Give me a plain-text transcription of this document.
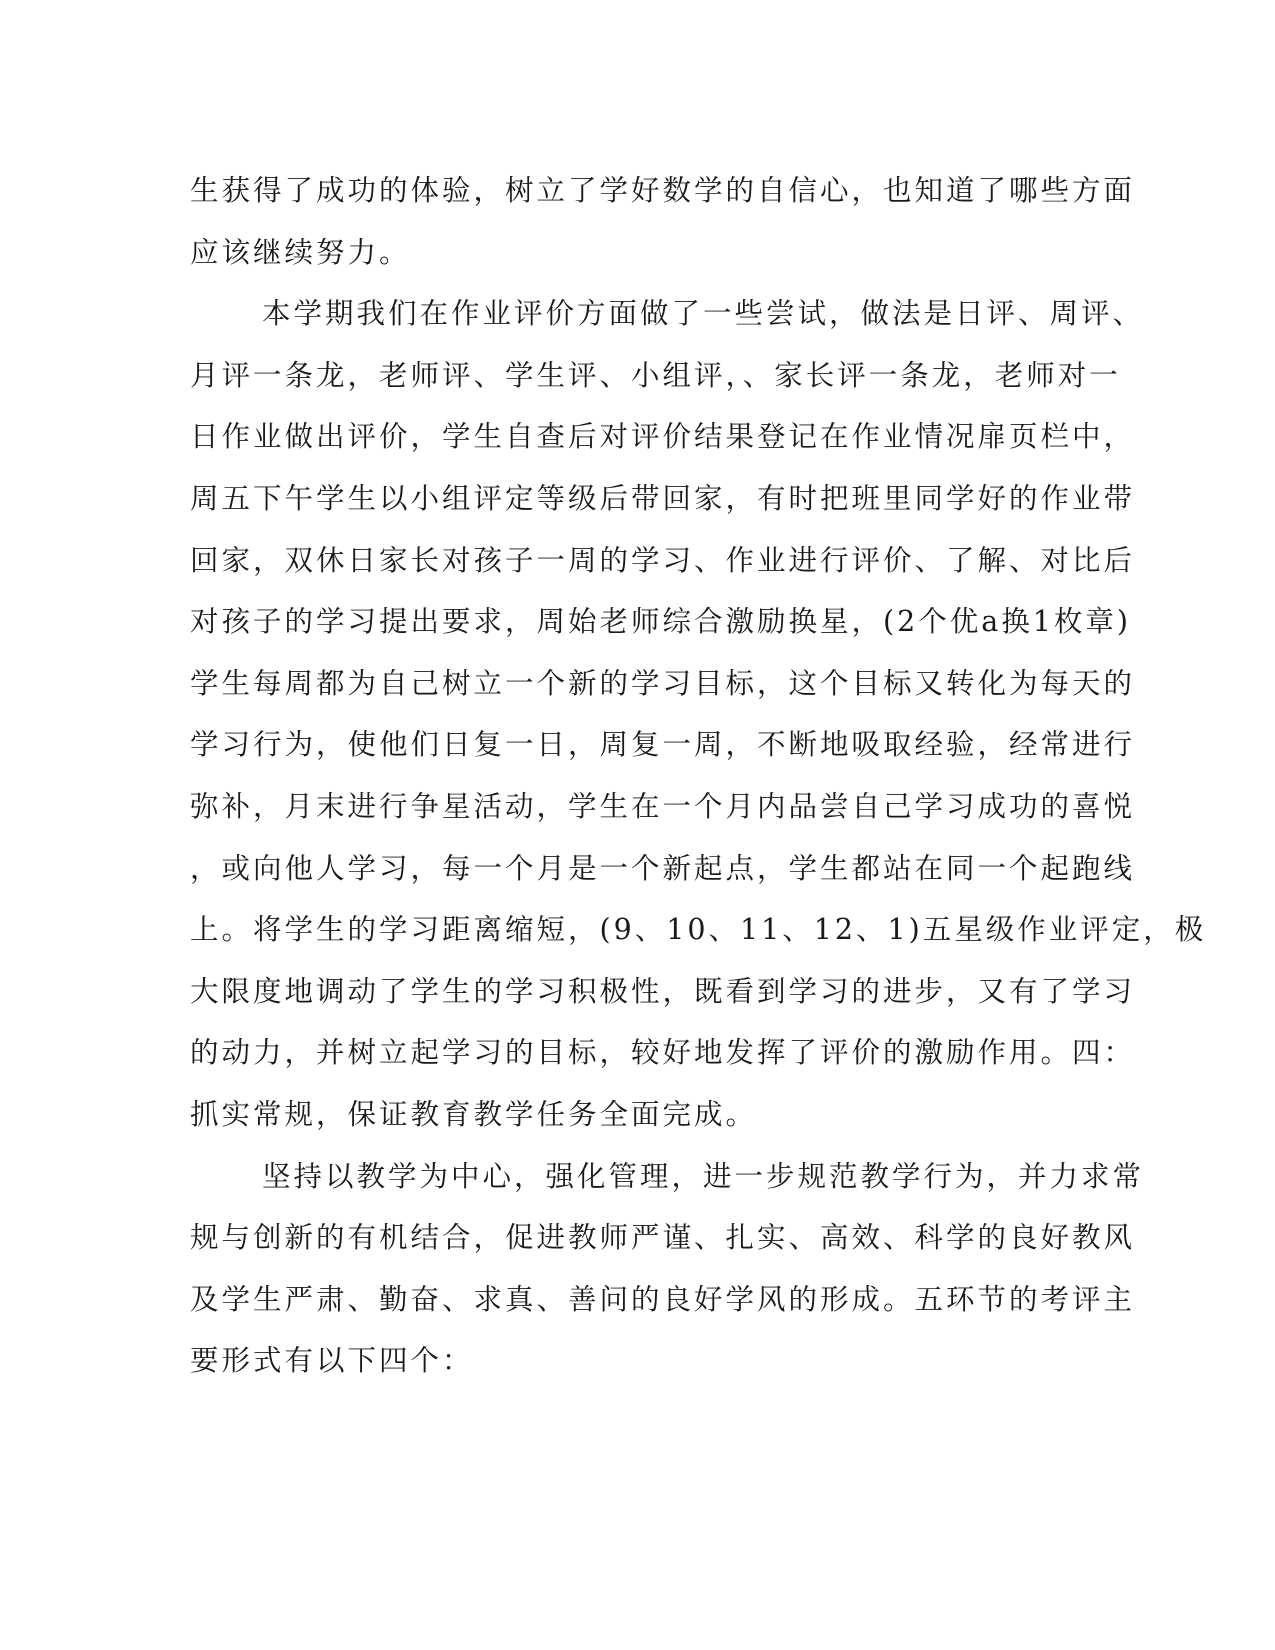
生获得了成功的体验，树立了学好数学的自信心，也知道了哪些方面
应该继续努力。
本学期我们在作业评价方面做了一些尝试，做法是日评、周评、
月评一条龙，老师评、学生评、小组评，、家长评一条龙，老师对一
日作业做出评价，学生自查后对评价结果登记在作业情况扉页栏中，
周五下午学生以小组评定等级后带回家，有时把班里同学好的作业带
回家，双休日家长对孩子一周的学习、作业进行评价、了解、对比后
对孩子的学习提出要求，周始老师综合激励换星，(2个优a换1枚章)
学生每周都为自己树立一个新的学习目标，这个目标又转化为每天的
学习行为，使他们日复一日，周复一周，不断地吸取经验，经常进行
弥补，月末进行争星活动，学生在一个月内品尝自己学习成功的喜悦
，或向他人学习，每一个月是一个新起点，学生都站在同一个起跑线
上。将学生的学习距离缩短，(9、10、11、12、1)五星级作业评定，极
大限度地调动了学生的学习积极性，既看到学习的进步，又有了学习
的动力，并树立起学习的目标，较好地发挥了评价的激励作用。四：
抓实常规，保证教育教学任务全面完成。
坚持以教学为中心，强化管理，进一步规范教学行为，并力求常
规与创新的有机结合，促进教师严谨、扎实、高效、科学的良好教风
及学生严肃、勤奋、求真、善问的良好学风的形成。五环节的考评主
要形式有以下四个：
